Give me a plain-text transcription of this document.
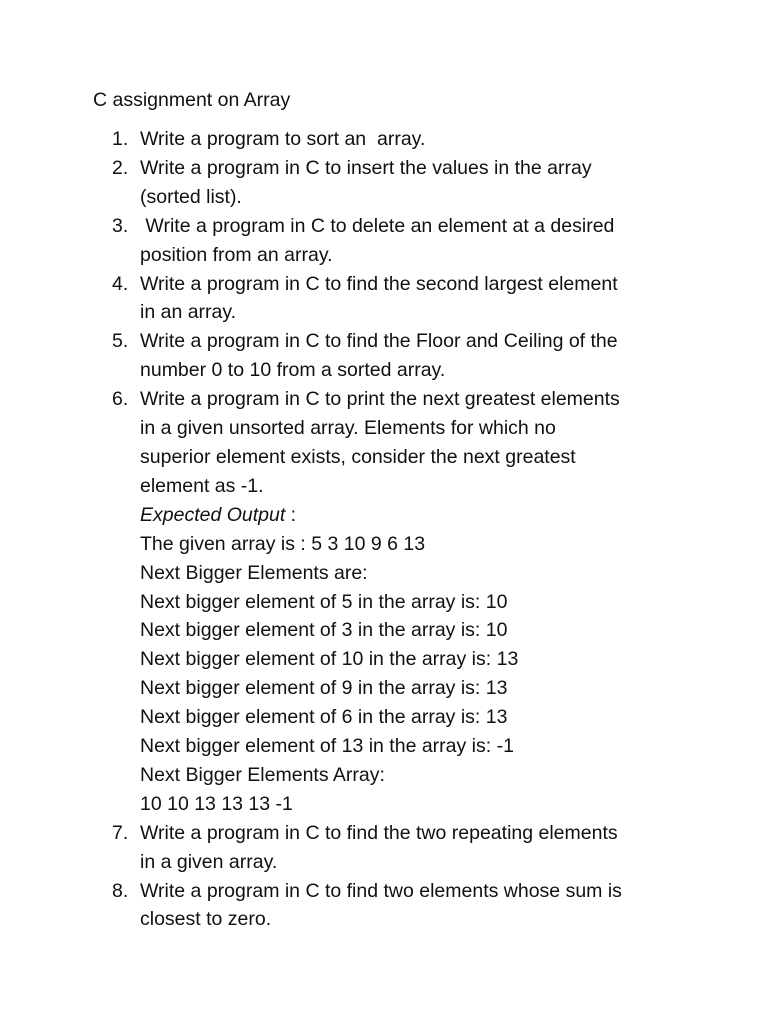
C assignment on Array
1. Write a program to sort an  array.
2. Write a program in C to insert the values in the array
(sorted list).
3. Write a program in C to delete an element at a desired
position from an array.
4. Write a program in C to find the second largest element
in an array.
5. Write a program in C to find the Floor and Ceiling of the
number 0 to 10 from a sorted array.
6. Write a program in C to print the next greatest elements
in a given unsorted array. Elements for which no
superior element exists, consider the next greatest
element as -1.
Expected Output :
The given array is : 5 3 10 9 6 13
Next Bigger Elements are:
Next bigger element of 5 in the array is: 10
Next bigger element of 3 in the array is: 10
Next bigger element of 10 in the array is: 13
Next bigger element of 9 in the array is: 13
Next bigger element of 6 in the array is: 13
Next bigger element of 13 in the array is: -1
Next Bigger Elements Array:
10 10 13 13 13 -1
7. Write a program in C to find the two repeating elements
in a given array.
8. Write a program in C to find two elements whose sum is
closest to zero.
